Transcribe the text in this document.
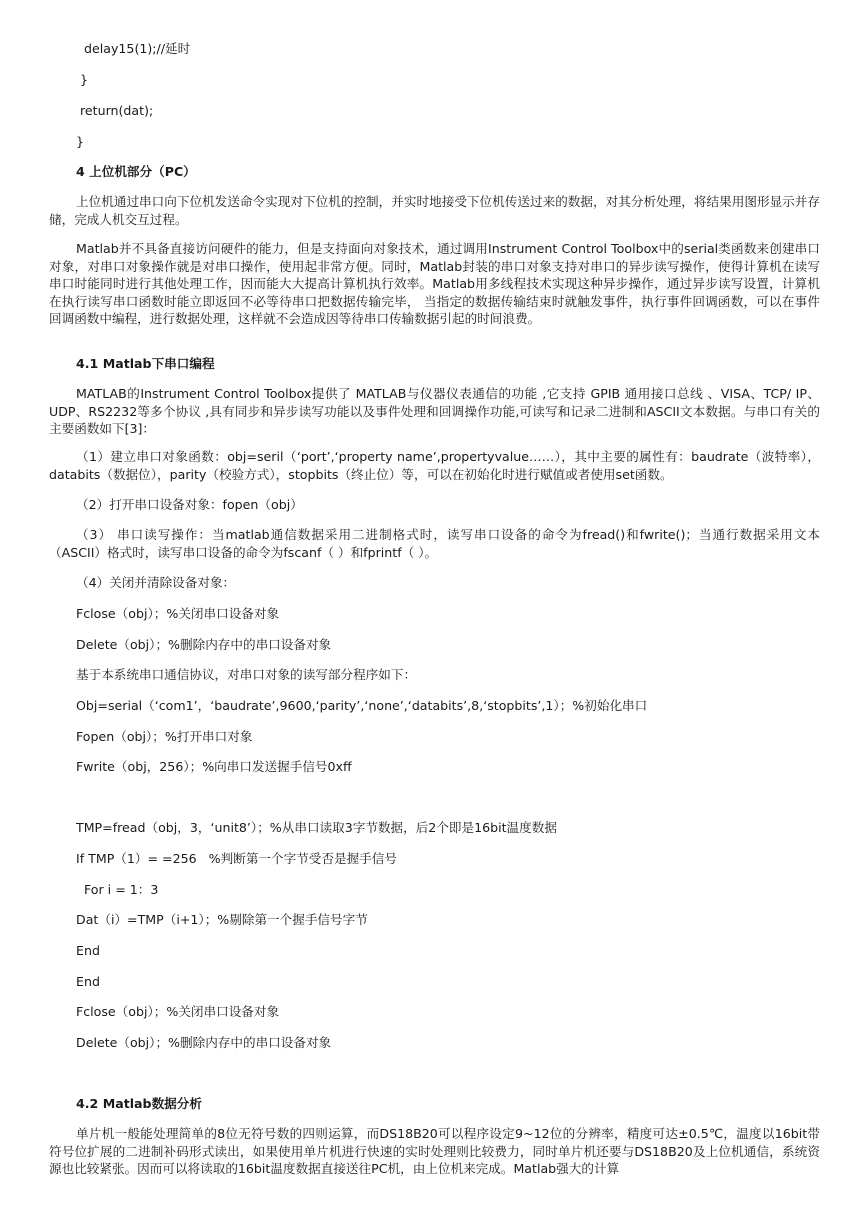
delay15(1);//延时
}
return(dat);
}
4 上位机部分（PC）

上位机通过串口向下位机发送命令实现对下位机的控制，并实时地接受下位机传送过来的数据，对其分析处理，将结果用图形显示并存储，完成人机交互过程。

Matlab并不具备直接访问硬件的能力，但是支持面向对象技术，通过调用Instrument Control Toolbox中的serial类函数来创建串口对象，对串口对象操作就是对串口操作，使用起非常方便。同时，Matlab封装的串口对象支持对串口的异步读写操作，使得计算机在读写串口时能同时进行其他处理工作，因而能大大提高计算机执行效率。Matlab用多线程技术实现这种异步操作，通过异步读写设置，计算机在执行读写串口函数时能立即返回不必等待串口把数据传输完毕， 当指定的数据传输结束时就触发事件，执行事件回调函数，可以在事件回调函数中编程，进行数据处理，这样就不会造成因等待串口传输数据引起的时间浪费。

4.1 Matlab下串口编程

MATLAB的Instrument Control Toolbox提供了 MATLAB与仪器仪表通信的功能 ,它支持 GPIB 通用接口总线 、VISA、TCP/ IP、UDP、RS2232等多个协议 ,具有同步和异步读写功能以及事件处理和回调操作功能,可读写和记录二进制和ASCII文本数据。与串口有关的主要函数如下[3]：

（1）建立串口对象函数：obj=seril（‘port’,‘property name’,propertyvalue……），其中主要的属性有：baudrate（波特率），databits（数据位），parity（校验方式），stopbits（终止位）等，可以在初始化时进行赋值或者使用set函数。

（2）打开串口设备对象：fopen（obj）

（3） 串口读写操作：当matlab通信数据采用二进制格式时，读写串口设备的命令为fread()和fwrite()；当通行数据采用文本（ASCII）格式时，读写串口设备的命令为fscanf（ ）和fprintf（ ）。

（4）关闭并清除设备对象：
Fclose（obj）；%关闭串口设备对象
Delete（obj）；%删除内存中的串口设备对象
基于本系统串口通信协议，对串口对象的读写部分程序如下：
Obj=serial（‘com1’，‘baudrate’,9600,‘parity’,‘none’,‘databits’,8,‘stopbits’,1）；%初始化串口
Fopen（obj）；%打开串口对象
Fwrite（obj，256）；%向串口发送握手信号0xff
TMP=fread（obj，3，‘unit8’）；%从串口读取3字节数据，后2个即是16bit温度数据
If TMP（1）= =256   %判断第一个字节受否是握手信号
For i = 1：3
Dat（i）=TMP（i+1）；%剔除第一个握手信号字节
End
End
Fclose（obj）；%关闭串口设备对象
Delete（obj）；%删除内存中的串口设备对象
4.2 Matlab数据分析

单片机一般能处理简单的8位无符号数的四则运算，而DS18B20可以程序设定9~12位的分辨率，精度可达±0.5℃，温度以16bit带符号位扩展的二进制补码形式读出，如果使用单片机进行快速的实时处理则比较费力，同时单片机还要与DS18B20及上位机通信，系统资源也比较紧张。因而可以将读取的16bit温度数据直接送往PC机，由上位机来完成。Matlab强大的计算
